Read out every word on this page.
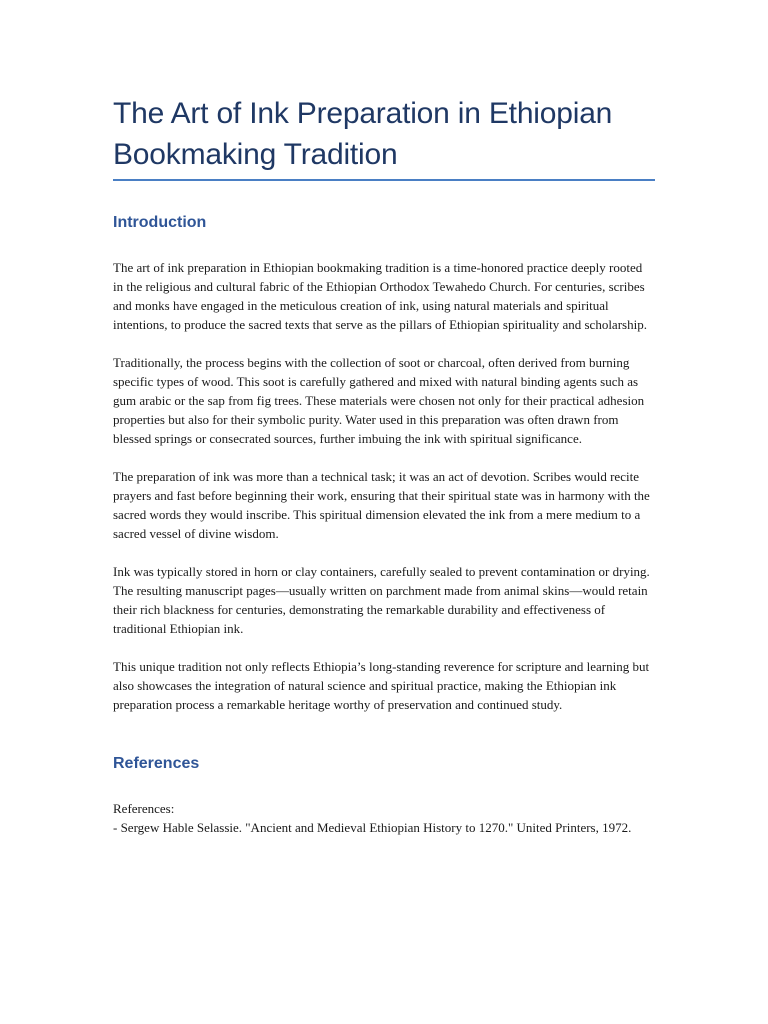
The Art of Ink Preparation in Ethiopian
Bookmaking Tradition
Introduction

The art of ink preparation in Ethiopian bookmaking tradition is a time-honored practice deeply rooted in the religious and cultural fabric of the Ethiopian Orthodox Tewahedo Church. For centuries, scribes and monks have engaged in the meticulous creation of ink, using natural materials and spiritual intentions, to produce the sacred texts that serve as the pillars of Ethiopian spirituality and scholarship.

Traditionally, the process begins with the collection of soot or charcoal, often derived from burning specific types of wood. This soot is carefully gathered and mixed with natural binding agents such as gum arabic or the sap from fig trees. These materials were chosen not only for their practical adhesion properties but also for their symbolic purity. Water used in this preparation was often drawn from blessed springs or consecrated sources, further imbuing the ink with spiritual significance.

The preparation of ink was more than a technical task; it was an act of devotion. Scribes would recite prayers and fast before beginning their work, ensuring that their spiritual state was in harmony with the sacred words they would inscribe. This spiritual dimension elevated the ink from a mere medium to a sacred vessel of divine wisdom.

Ink was typically stored in horn or clay containers, carefully sealed to prevent contamination or drying. The resulting manuscript pages—usually written on parchment made from animal skins—would retain their rich blackness for centuries, demonstrating the remarkable durability and effectiveness of traditional Ethiopian ink.

This unique tradition not only reflects Ethiopia’s long-standing reverence for scripture and learning but also showcases the integration of natural science and spiritual practice, making the Ethiopian ink preparation process a remarkable heritage worthy of preservation and continued study.

References

References:

- Sergew Hable Selassie. "Ancient and Medieval Ethiopian History to 1270." United Printers, 1972.
